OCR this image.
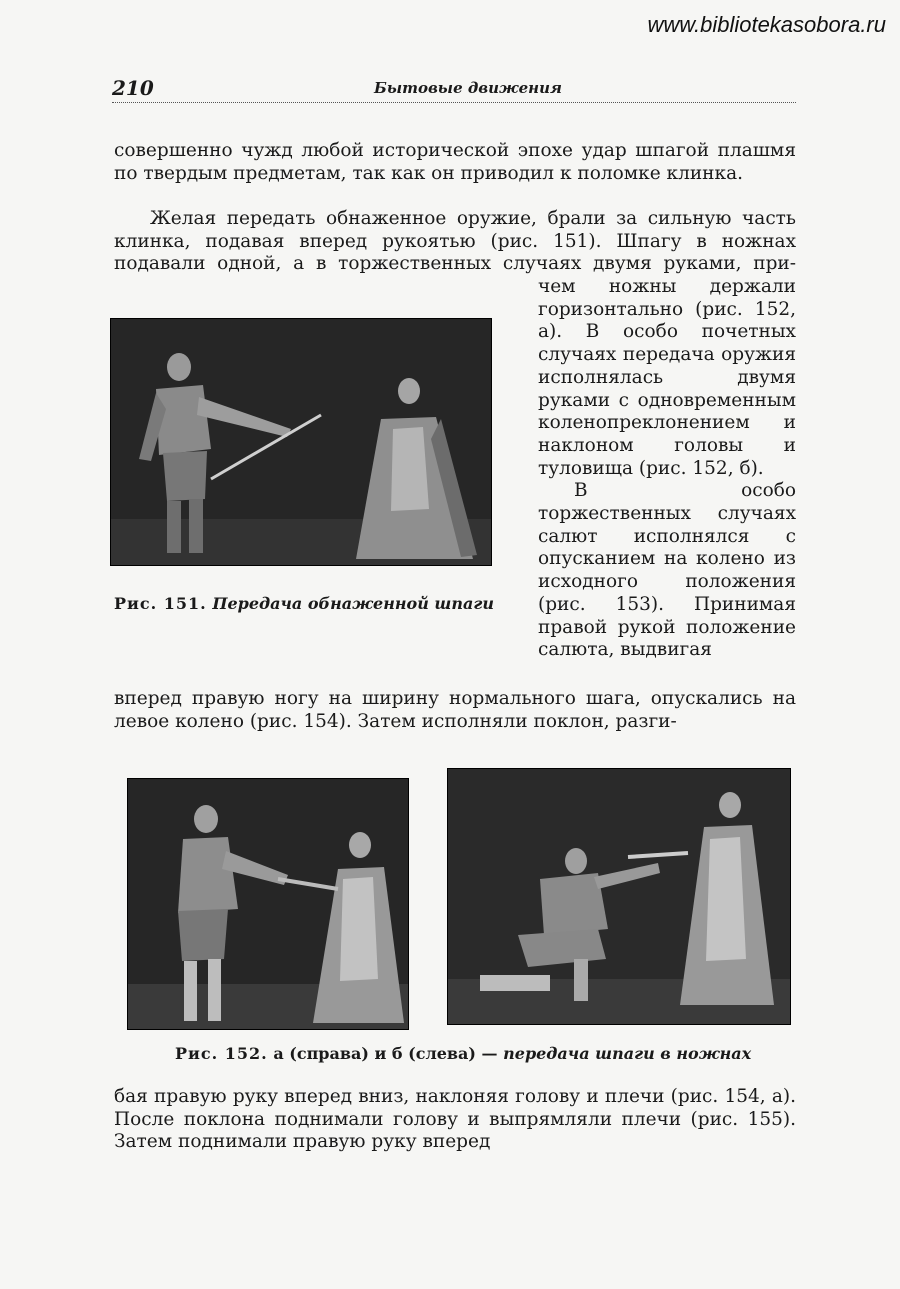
www.bibliotekasobora.ru
210	Бытовые движения
совершенно чужд любой исторической эпохе удар шпагой плашмя по твердым предметам, так как он приводил к поломке клинка.
Желая передать обнаженное оружие, брали за сильную часть клинка, подавая вперед рукоятью (рис. 151). Шпагу в ножнах подавали одной, а в торжественных случаях двумя руками, при-

чем ножны держали горизонтально (рис. 152, а). В особо почетных случаях передача оружия исполнялась двумя руками с одновременным коленопреклонением и наклоном головы и туловища (рис. 152, б).

В особо торжественных случаях салют исполнялся с опусканием на колено из исходного положения (рис. 153). Принимая правой рукой положение салюта, выдвигая

Рис. 151. Передача обнаженной шпаги
вперед правую ногу на ширину нормального шага, опускались на левое колено (рис. 154). Затем исполняли поклон, разги-
Рис. 152. а (справа) и б (слева) — передача шпаги в ножнах
бая правую руку вперед вниз, наклоняя голову и плечи (рис. 154, а). После поклона поднимали голову и выпрямляли плечи (рис. 155). Затем поднимали правую руку вперед
